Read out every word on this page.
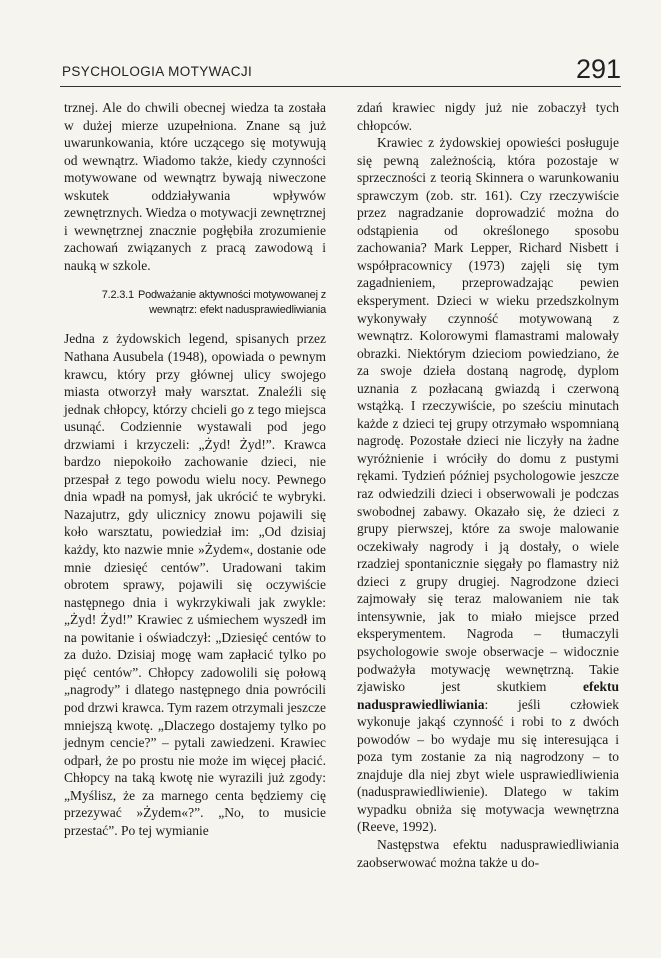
PSYCHOLOGIA MOTYWACJI	291

trznej. Ale do chwili obecnej wiedza ta została w dużej mierze uzupełniona. Znane są już uwarunkowania, które uczącego się motywują od wewnątrz. Wiadomo także, kiedy czynności motywowane od wewnątrz bywają niweczone wskutek oddziaływania wpływów zewnętrznych. Wiedza o motywacji zewnętrznej i wewnętrznej znacznie pogłębiła zrozumienie zachowań związanych z pracą zawodową i nauką w szkole.

7.2.3.1 Podważanie aktywności motywowanej z wewnątrz: efekt nadusprawiedliwiania

Jedna z żydowskich legend, spisanych przez Nathana Ausubela (1948), opowiada o pewnym krawcu, który przy głównej ulicy swojego miasta otworzył mały warsztat. Znaleźli się jednak chłopcy, którzy chcieli go z tego miejsca usunąć. Codziennie wystawali pod jego drzwiami i krzyczeli: „Żyd! Żyd!”. Krawca bardzo niepokoiło zachowanie dzieci, nie przespał z tego powodu wielu nocy. Pewnego dnia wpadł na pomysł, jak ukrócić te wybryki. Nazajutrz, gdy ulicznicy znowu pojawili się koło warsztatu, powiedział im: „Od dzisiaj każdy, kto nazwie mnie »Żydem«, dostanie ode mnie dziesięć centów”. Uradowani takim obrotem sprawy, pojawili się oczywiście następnego dnia i wykrzykiwali jak zwykle: „Żyd! Żyd!” Krawiec z uśmiechem wyszedł im na powitanie i oświadczył: „Dziesięć centów to za dużo. Dzisiaj mogę wam zapłacić tylko po pięć centów”. Chłopcy zadowolili się połową „nagrody” i dlatego następnego dnia powrócili pod drzwi krawca. Tym razem otrzymali jeszcze mniejszą kwotę. „Dlaczego dostajemy tylko po jednym cencie?” – pytali zawiedzeni. Krawiec odparł, że po prostu nie może im więcej płacić. Chłopcy na taką kwotę nie wyrazili już zgody: „Myślisz, że za marnego centa będziemy cię przezywać »Żydem«?”. „No, to musicie przestać”. Po tej wymianie

zdań krawiec nigdy już nie zobaczył tych chłopców.

Krawiec z żydowskiej opowieści posługuje się pewną zależnością, która pozostaje w sprzeczności z teorią Skinnera o warunkowaniu sprawczym (zob. str. 161). Czy rzeczywiście przez nagradzanie doprowadzić można do odstąpienia od określonego sposobu zachowania? Mark Lepper, Richard Nisbett i współpracownicy (1973) zajęli się tym zagadnieniem, przeprowadzając pewien eksperyment. Dzieci w wieku przedszkolnym wykonywały czynność motywowaną z wewnątrz. Kolorowymi flamastrami malowały obrazki. Niektórym dzieciom powiedziano, że za swoje dzieła dostaną nagrodę, dyplom uznania z pozłacaną gwiazdą i czerwoną wstążką. I rzeczywiście, po sześciu minutach każde z dzieci tej grupy otrzymało wspomnianą nagrodę. Pozostałe dzieci nie liczyły na żadne wyróżnienie i wróciły do domu z pustymi rękami. Tydzień później psychologowie jeszcze raz odwiedzili dzieci i obserwowali je podczas swobodnej zabawy. Okazało się, że dzieci z grupy pierwszej, które za swoje malowanie oczekiwały nagrody i ją dostały, o wiele rzadziej spontanicznie sięgały po flamastry niż dzieci z grupy drugiej. Nagrodzone dzieci zajmowały się teraz malowaniem nie tak intensywnie, jak to miało miejsce przed eksperymentem. Nagroda – tłumaczyli psychologowie swoje obserwacje – widocznie podważyła motywację wewnętrzną. Takie zjawisko jest skutkiem efektu nadusprawiedliwiania: jeśli człowiek wykonuje jakąś czynność i robi to z dwóch powodów – bo wydaje mu się interesująca i poza tym zostanie za nią nagrodzony – to znajduje dla niej zbyt wiele usprawiedliwienia (nadusprawiedliwienie). Dlatego w takim wypadku obniża się motywacja wewnętrzna (Reeve, 1992).

Następstwa efektu nadusprawiedliwiania zaobserwować można także u do-
